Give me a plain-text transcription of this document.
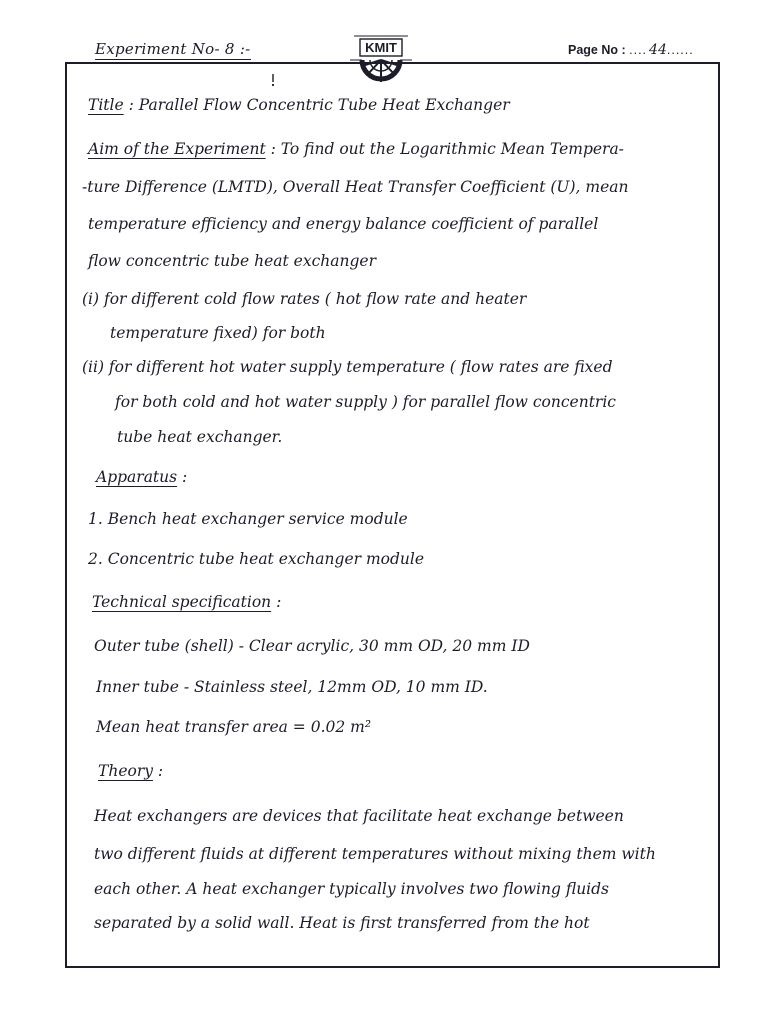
Experiment No- 8 :-	KMIT	Page No : .... 44......
Title : Parallel Flow Concentric Tube Heat Exchanger
Aim of the Experiment : To find out the Logarithmic Mean Tempera-
-ture Difference (LMTD), Overall Heat Transfer Coefficient (U), mean
temperature efficiency and energy balance coefficient of parallel
flow concentric tube heat exchanger
(i) for different cold flow rates ( hot flow rate and heater
temperature fixed) for both
(ii) for different hot water supply temperature ( flow rates are fixed
for both cold and hot water supply ) for parallel flow concentric
tube heat exchanger.
Apparatus :
1. Bench heat exchanger service module
2. Concentric tube heat exchanger module
Technical specification :
Outer tube (shell) - Clear acrylic, 30 mm OD, 20 mm ID
Inner tube - Stainless steel, 12mm OD, 10 mm ID.
Mean heat transfer area = 0.02 m²
Theory :
Heat exchangers are devices that facilitate heat exchange between
two different fluids at different temperatures without mixing them with
each other. A heat exchanger typically involves two flowing fluids
separated by a solid wall. Heat is first transferred from the hot
